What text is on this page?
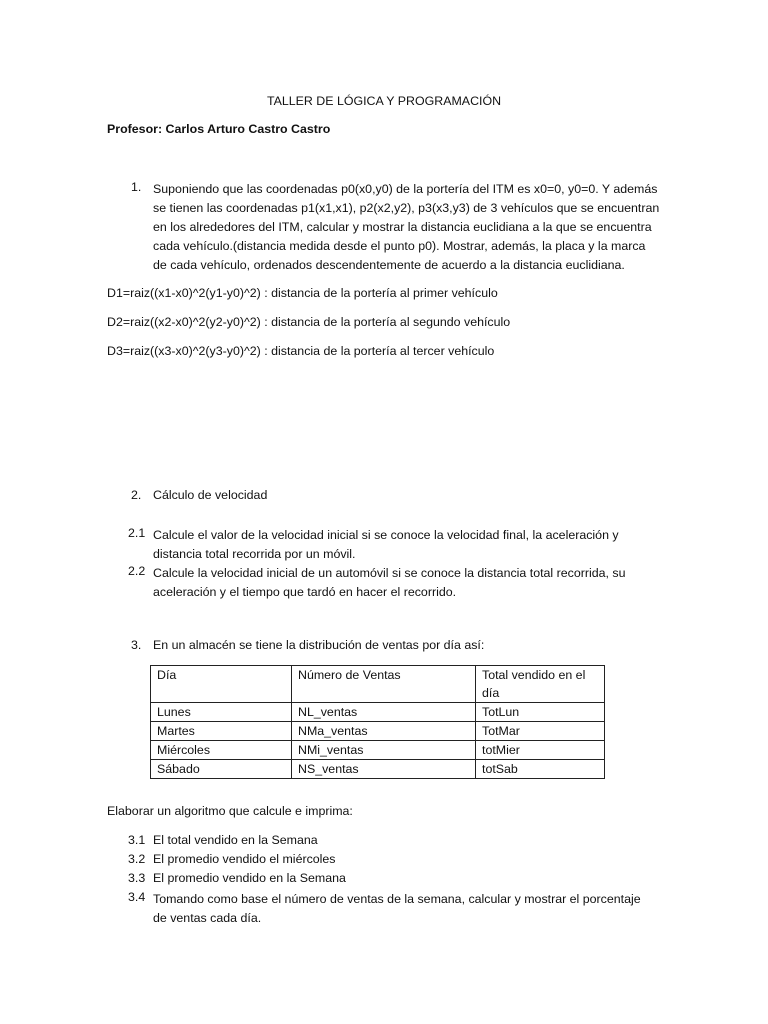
TALLER DE LÓGICA Y PROGRAMACIÓN
Profesor: Carlos Arturo Castro Castro
1. Suponiendo que las coordenadas p0(x0,y0) de la portería del ITM es x0=0, y0=0. Y además
se tienen las coordenadas p1(x1,x1), p2(x2,y2), p3(x3,y3) de 3 vehículos que se encuentran
en los alrededores del ITM, calcular y mostrar la distancia euclidiana a la que se encuentra
cada vehículo.(distancia medida desde el punto p0). Mostrar, además, la placa y la marca
de cada vehículo, ordenados descendentemente de acuerdo a la distancia euclidiana.
D1=raiz((x1-x0)^2(y1-y0)^2) : distancia de la portería al primer vehículo
D2=raiz((x2-x0)^2(y2-y0)^2) : distancia de la portería al segundo vehículo
D3=raiz((x3-x0)^2(y3-y0)^2) : distancia de la portería al tercer vehículo
2. Cálculo de velocidad
2.1 Calcule el valor de la velocidad inicial si se conoce la velocidad final, la aceleración y
distancia total recorrida por un móvil.
2.2 Calcule la velocidad inicial de un automóvil si se conoce la distancia total recorrida, su
aceleración y el tiempo que tardó en hacer el recorrido.
3. En un almacén se tiene la distribución de ventas por día así:
Día	Número de Ventas	Total vendido en el día
Lunes	NL_ventas	TotLun
Martes	NMa_ventas	TotMar
Miércoles	NMi_ventas	totMier
Sábado	NS_ventas	totSab
Elaborar un algoritmo que calcule e imprima:
3.1 El total vendido en la Semana
3.2 El promedio vendido el miércoles
3.3 El promedio vendido en la Semana
3.4 Tomando como base el número de ventas de la semana, calcular y mostrar el porcentaje
de ventas cada día.
